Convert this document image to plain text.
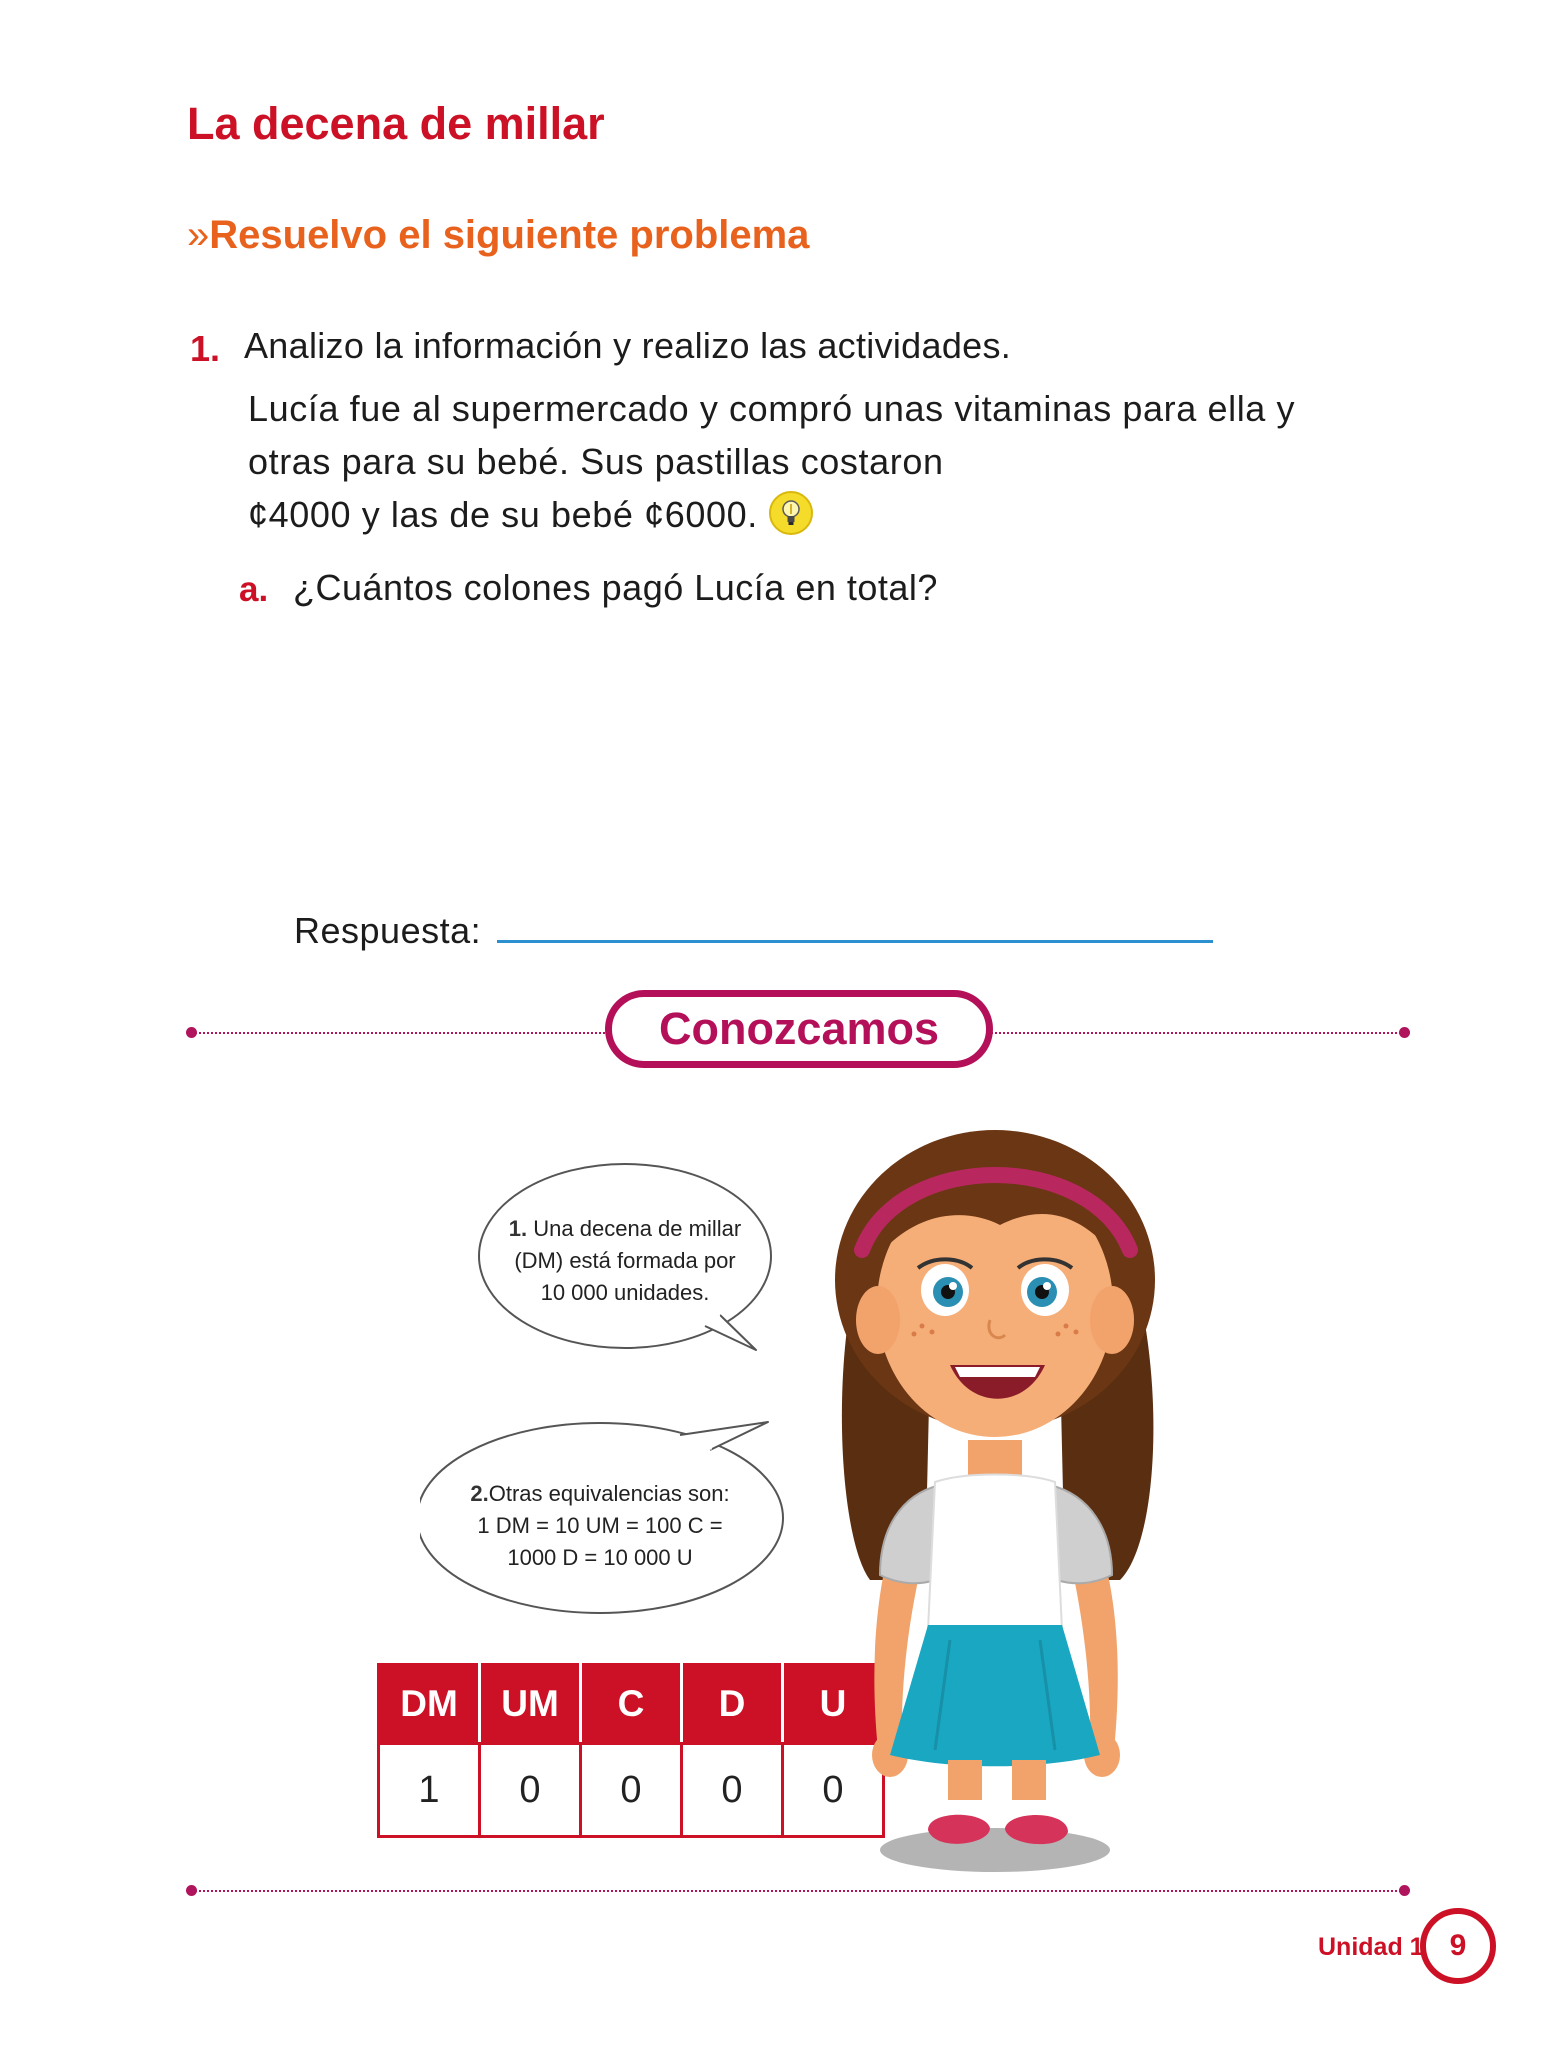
La decena de millar
»Resuelvo el siguiente problema
1. Analizo la información y realizo las actividades.
Lucía fue al supermercado y compró unas vitaminas para ella y
otras para su bebé. Sus pastillas costaron
¢4000 y las de su bebé ¢6000.
a. ¿Cuántos colones pagó Lucía en total?
Respuesta:
Conozcamos
1. Una decena de millar
(DM) está formada por
10 000 unidades.
2.Otras equivalencias son:
1 DM = 10 UM = 100 C =
1000 D = 10 000 U
DM	UM	C	D	U
1	0	0	0	0
Unidad 1 9
